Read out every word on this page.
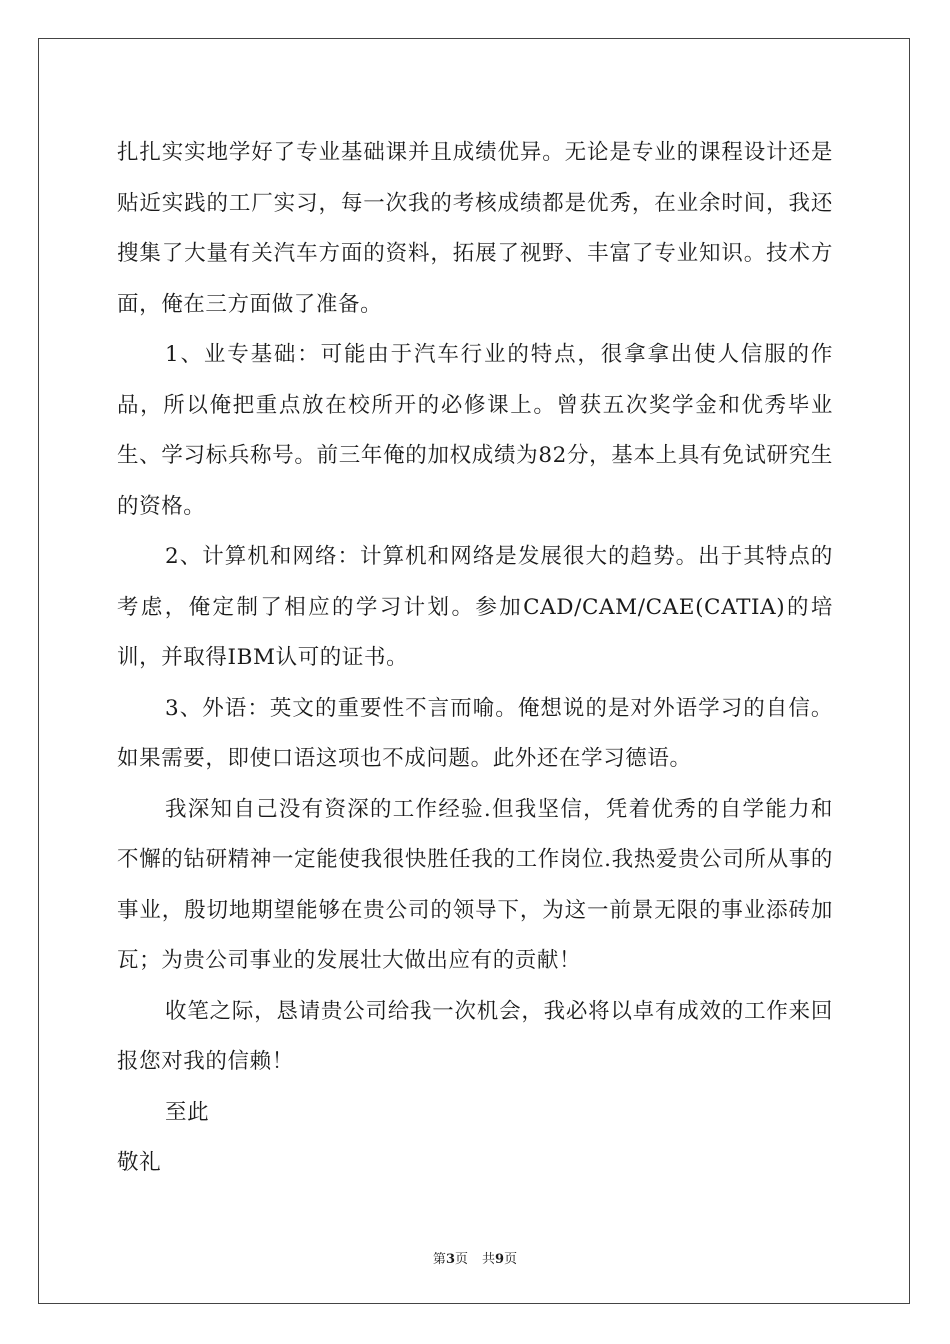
扎扎实实地学好了专业基础课并且成绩优异。无论是专业的课程设计还是贴近实践的工厂实习，每一次我的考核成绩都是优秀，在业余时间，我还搜集了大量有关汽车方面的资料，拓展了视野、丰富了专业知识。技术方面，俺在三方面做了准备。

1、业专基础：可能由于汽车行业的特点，很拿拿出使人信服的作品，所以俺把重点放在校所开的必修课上。曾获五次奖学金和优秀毕业生、学习标兵称号。前三年俺的加权成绩为82分，基本上具有免试研究生的资格。

2、计算机和网络：计算机和网络是发展很大的趋势。出于其特点的考虑，俺定制了相应的学习计划。参加CAD/CAM/CAE(CATIA)的培训，并取得IBM认可的证书。

3、外语：英文的重要性不言而喻。俺想说的是对外语学习的自信。如果需要，即使口语这项也不成问题。此外还在学习德语。

我深知自己没有资深的工作经验.但我坚信，凭着优秀的自学能力和不懈的钻研精神一定能使我很快胜任我的工作岗位.我热爱贵公司所从事的事业，殷切地期望能够在贵公司的领导下，为这一前景无限的事业添砖加瓦；为贵公司事业的发展壮大做出应有的贡献！

收笔之际，恳请贵公司给我一次机会，我必将以卓有成效的工作来回报您对我的信赖！

至此

敬礼

第3页 共9页
